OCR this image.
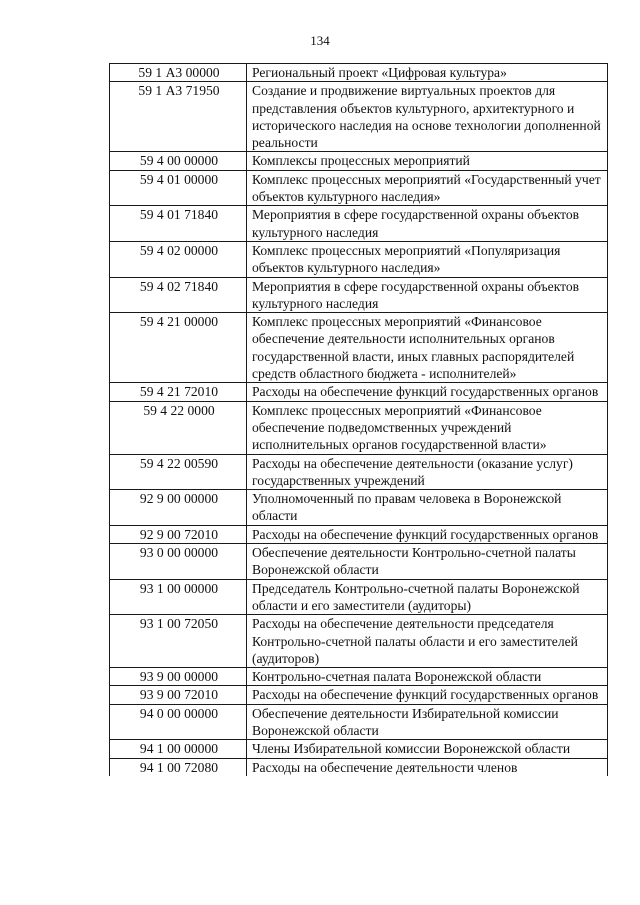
134
59 1 А3 00000	Региональный проект «Цифровая культура»
59 1 А3 71950	Создание и продвижение виртуальных проектов для представления объектов культурного, архитектурного и исторического наследия на основе технологии дополненной реальности
59 4 00 00000	Комплексы процессных мероприятий
59 4 01 00000	Комплекс процессных мероприятий «Государственный учет объектов культурного наследия»
59 4 01 71840	Мероприятия в сфере государственной охраны объектов культурного наследия
59 4 02 00000	Комплекс процессных мероприятий «Популяризация объектов культурного наследия»
59 4 02 71840	Мероприятия в сфере государственной охраны объектов культурного наследия
59 4 21 00000	Комплекс процессных мероприятий «Финансовое обеспечение деятельности исполнительных органов государственной власти, иных главных распорядителей средств областного бюджета - исполнителей»
59 4 21 72010	Расходы на обеспечение функций государственных органов
59 4 22 0000	Комплекс процессных мероприятий «Финансовое обеспечение подведомственных учреждений исполнительных органов государственной власти»
59 4 22 00590	Расходы на обеспечение деятельности (оказание услуг) государственных учреждений
92 9 00 00000	Уполномоченный по правам человека в Воронежской области
92 9 00 72010	Расходы на обеспечение функций государственных органов
93 0 00 00000	Обеспечение деятельности Контрольно-счетной палаты Воронежской области
93 1 00 00000	Председатель Контрольно-счетной палаты Воронежской области и его заместители (аудиторы)
93 1 00 72050	Расходы на обеспечение деятельности председателя Контрольно-счетной палаты области и его заместителей (аудиторов)
93 9 00 00000	Контрольно-счетная палата Воронежской области
93 9 00 72010	Расходы на обеспечение функций государственных органов
94 0 00 00000	Обеспечение деятельности Избирательной комиссии Воронежской области
94 1 00 00000	Члены Избирательной комиссии Воронежской области
94 1 00 72080	Расходы на обеспечение деятельности членов
